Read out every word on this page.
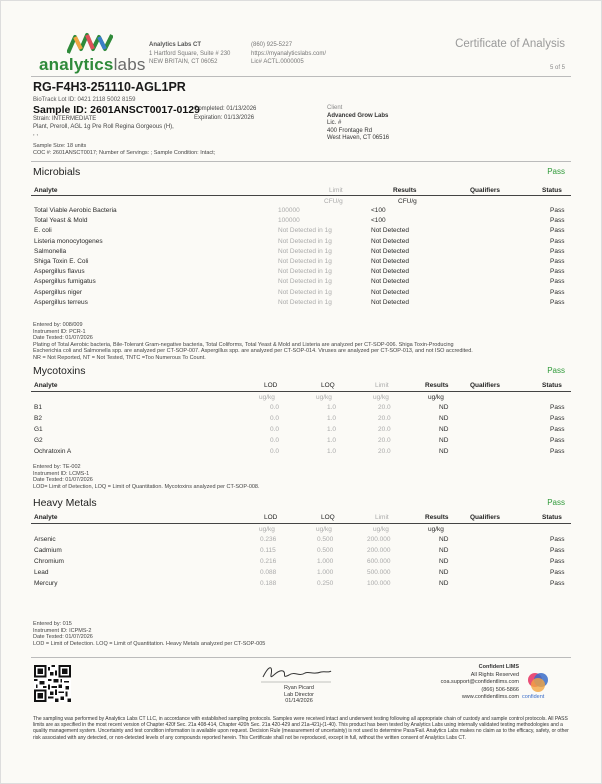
analyticslabs
Analytics Labs CT
1 Hartford Square, Suite # 230
NEW BRITAIN, CT 06052
(860) 925-5227
https://myanalyticslabs.com/
Lic# ACTL.0000005
Certificate of Analysis
5 of 5
RG-F4H3-251110-AGL1PR
BioTrack Lot ID: 0421 2118 5002 8159
Sample ID: 2601ANSCT0017-0129
Completed: 01/13/2026
Expiration: 01/13/2026
Strain: INTERMEDIATE
Plant, Preroll, AGL 1g Pre Roll Regina Gorgeous (H),
, ,
Client
Advanced Grow Labs
Lic. #
400 Frontage Rd
West Haven, CT 06516
Sample Size: 18 units
COC #: 2601ANSCT0017; Number of Servings: ; Sample Condition: Intact;
Microbials	Pass
Analyte	Limit	Results	Qualifiers	Status
CFU/g	CFU/g
Total Viable Aerobic Bacteria	100000	<100	Pass
Total Yeast & Mold	100000	<100	Pass
E. coli	Not Detected in 1g	Not Detected	Pass
Listeria monocytogenes	Not Detected in 1g	Not Detected	Pass
Salmonella	Not Detected in 1g	Not Detected	Pass
Shiga Toxin E. Coli	Not Detected in 1g	Not Detected	Pass
Aspergillus flavus	Not Detected in 1g	Not Detected	Pass
Aspergillus fumigatus	Not Detected in 1g	Not Detected	Pass
Aspergillus niger	Not Detected in 1g	Not Detected	Pass
Aspergillus terreus	Not Detected in 1g	Not Detected	Pass
Entered by: 008/009
Instrument ID: PCR-1
Date Tested: 01/07/2026
Plating of Total Aerobic bacteria, Bile-Tolerant Gram-negative bacteria, Total Coliforms, Total Yeast & Mold and Listeria are analyzed per CT-SOP-006. Shiga Toxin-Producing
Escherichia coli and Salmonella spp. are analyzed per CT-SOP-007. Aspergillus spp. are analyzed per CT-SOP-014. Viruses are analyzed per CT-SOP-013, and not ISO accredited.
NR = Not Reported, NT = Not Tested, TNTC =Too Numerous To Count.
Mycotoxins	Pass
Analyte	LOD	LOQ	Limit	Results	Qualifiers	Status
ug/kg	ug/kg	ug/kg	ug/kg
B1	0.0	1.0	20.0	ND	Pass
B2	0.0	1.0	20.0	ND	Pass
G1	0.0	1.0	20.0	ND	Pass
G2	0.0	1.0	20.0	ND	Pass
Ochratoxin A	0.0	1.0	20.0	ND	Pass
Entered by: TE-002
Instrument ID: LCMS-1
Date Tested: 01/07/2026
LOD= Limit of Detection, LOQ = Limit of Quantitation. Mycotoxins analyzed per CT-SOP-008.
Heavy Metals	Pass
Analyte	LOD	LOQ	Limit	Results	Qualifiers	Status
ug/kg	ug/kg	ug/kg	ug/kg
Arsenic	0.236	0.500	200.000	ND	Pass
Cadmium	0.115	0.500	200.000	ND	Pass
Chromium	0.216	1.000	600.000	ND	Pass
Lead	0.088	1.000	500.000	ND	Pass
Mercury	0.188	0.250	100.000	ND	Pass
Entered by: 015
Instrument ID: ICPMS-2
Date Tested: 01/07/2026
LOD = Limit of Detection. LOQ = Limit of Quantitation. Heavy Metals analyzed per CT-SOP-005
Ryan Picard
Lab Director
01/14/2026
Confident LIMS
All Rights Reserved
coa.support@confidentlims.com
(866) 506-5866
www.confidentlims.com confident
The sampling was performed by Analytics Labs CT LLC, in accordance with established sampling protocols. Samples were received intact and underwent testing following all appropriate chain of custody and sample control protocols. All PASS limits are as specified in the most recent version of Chapter 420f Sec. 21a 408-414, Chapter 420h Sec. 21a 420-429 and 21a-421j-(1-40). This product has been tested by Analytics Labs using internally validated testing methodologies and a quality management system. Uncertainty and test condition information is available upon request. Decision Rule (measurement of uncertainty) is not used to determine Pass/Fail. Analytics Labs makes no claim as to the efficacy, safety, or other risk associated with any detected, or non-detected levels of any compounds reported herein. This Certificate shall not be reproduced, except in full, without the written consent of Analytics Labs CT.
